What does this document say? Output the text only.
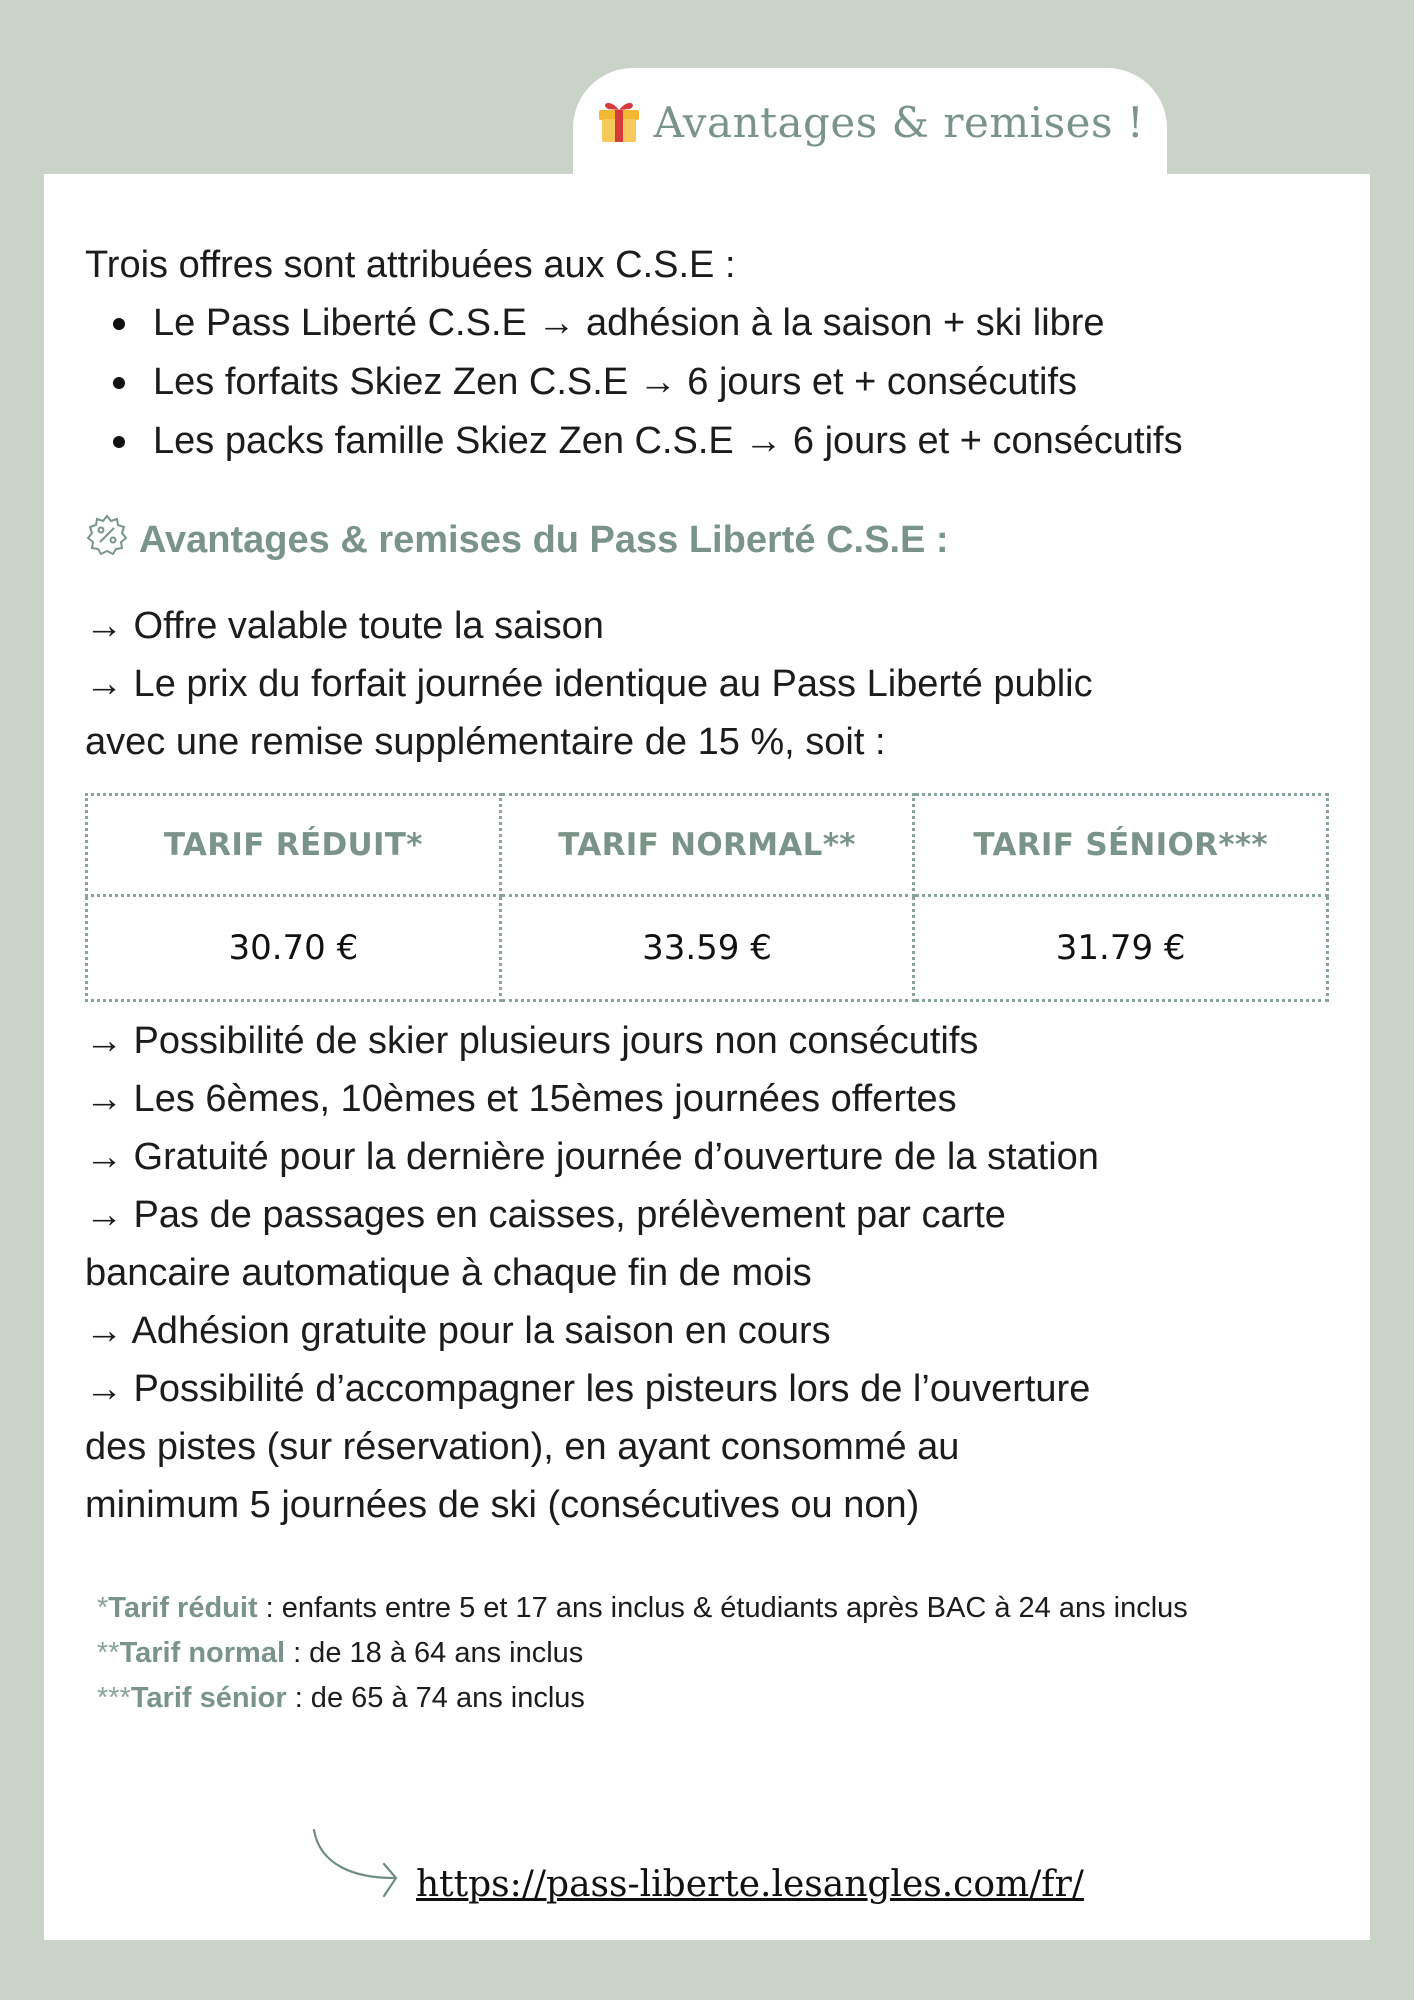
Avantages & remises !

Trois offres sont attribuées aux C.S.E :

Le Pass Liberté C.S.E → adhésion à la saison + ski libre
Les forfaits Skiez Zen C.S.E → 6 jours et + consécutifs
Les packs famille Skiez Zen C.S.E → 6 jours et + consécutifs
Avantages & remises du Pass Liberté C.S.E :

→ Offre valable toute la saison

→ Le prix du forfait journée identique au Pass Liberté public

avec une remise supplémentaire de 15 %, soit :

TARIF RÉDUIT*	TARIF NORMAL**	TARIF SÉNIOR***
30.70 €	33.59 €	31.79 €

→ Possibilité de skier plusieurs jours non consécutifs

→ Les 6èmes, 10èmes et 15èmes journées offertes

→ Gratuité pour la dernière journée d’ouverture de la station

→ Pas de passages en caisses, prélèvement par carte

bancaire automatique à chaque fin de mois

→ Adhésion gratuite pour la saison en cours

→ Possibilité d’accompagner les pisteurs lors de l’ouverture

des pistes (sur réservation), en ayant consommé au

minimum 5 journées de ski (consécutives ou non)

*Tarif réduit : enfants entre 5 et 17 ans inclus & étudiants après BAC à 24 ans inclus
**Tarif normal : de 18 à 64 ans inclus
***Tarif sénior : de 65 à 74 ans inclus
https://pass-liberte.lesangles.com/fr/
